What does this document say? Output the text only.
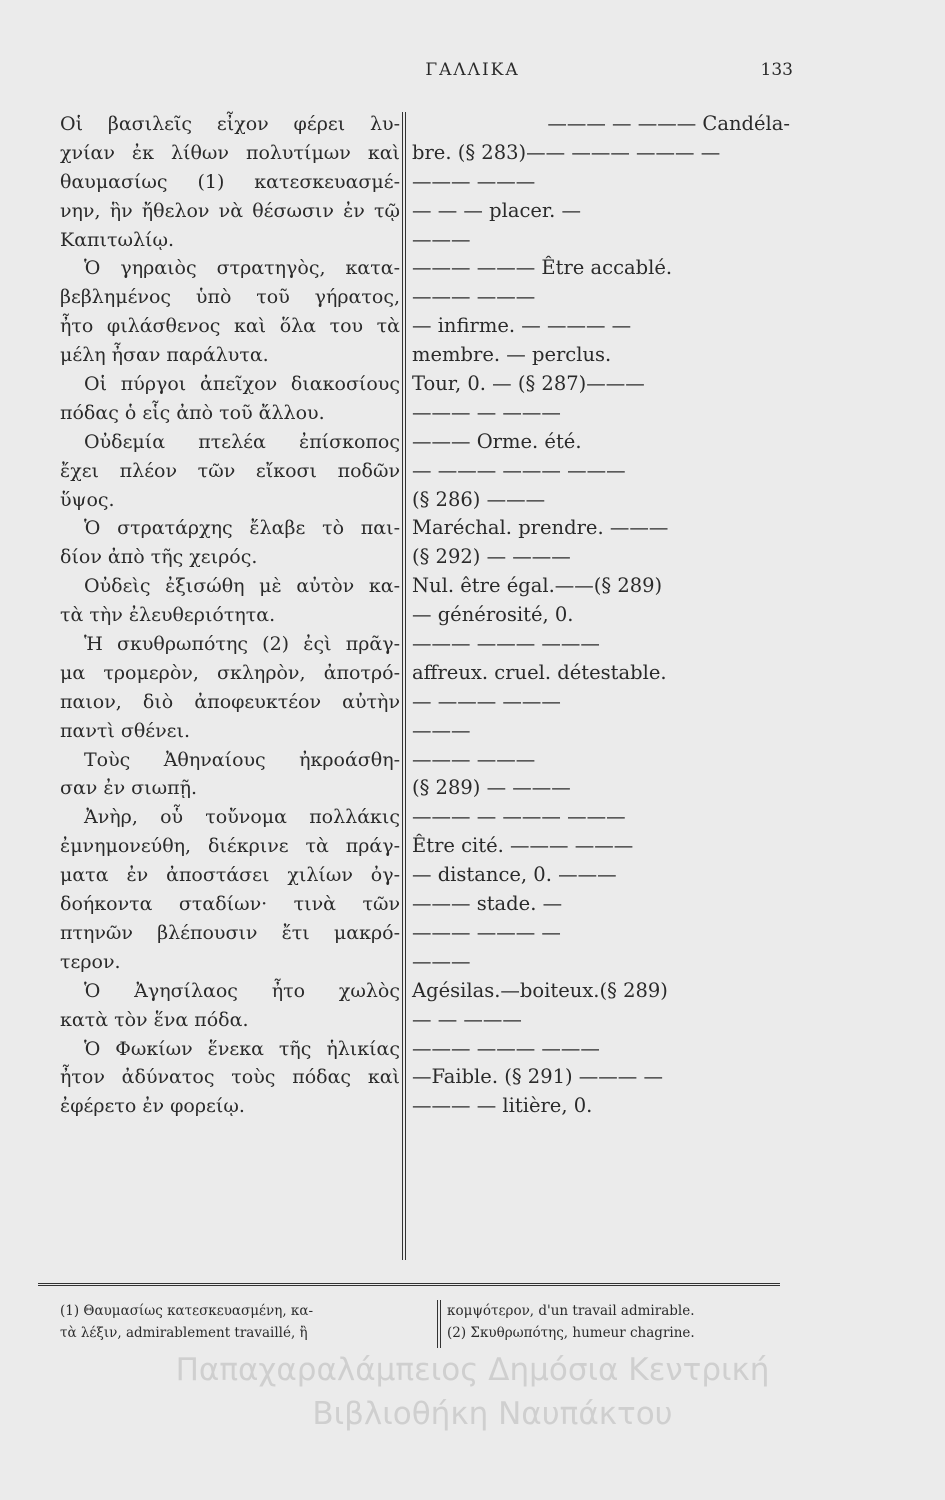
ΓΑΛΛΙΚΑ	133
Οἱ βασιλεῖς εἶχον φέρει λυ-
χνίαν ἐκ λίθων πολυτίμων καὶ
θαυμασίως (1) κατεσκευασμέ-
νην, ἣν ἤθελον νὰ θέσωσιν ἐν τῷ
Καπιτωλίῳ.
Ὁ γηραιὸς στρατηγὸς, κατα-
βεβλημένος ὑπὸ τοῦ γήρατος,
ἦτο φιλάσθενος καὶ ὅλα του τὰ
μέλη ἦσαν παράλυτα.
Οἱ πύργοι ἀπεῖχον διακοσίους
πόδας ὁ εἷς ἀπὸ τοῦ ἄλλου.
Οὐδεμία πτελέα ἐπίσκοπος
ἔχει πλέον τῶν εἴκοσι ποδῶν
ὕψος.
Ὁ στρατάρχης ἔλαβε τὸ παι-
δίον ἀπὸ τῆς χειρός.
Οὐδεὶς ἐξισώθη μὲ αὐτὸν κα-
τὰ τὴν ἐλευθεριότητα.
Ἡ σκυθρωπότης (2) ἐςὶ πρᾶγ-
μα τρομερὸν, σκληρὸν, ἀποτρό-
παιον, διὸ ἀποφευκτέον αὐτὴν
παντὶ σθένει.
Τοὺς Ἀθηναίους ἠκροάσθη-
σαν ἐν σιωπῇ.
Ἀνὴρ, οὗ τοὔνομα πολλάκις
ἐμνημονεύθη, διέκρινε τὰ πράγ-
ματα ἐν ἀποστάσει χιλίων ὀγ-
δοήκοντα σταδίων· τινὰ τῶν
πτηνῶν βλέπουσιν ἔτι μακρό-
τερον.
Ὁ Ἀγησίλαος ἦτο χωλὸς
κατὰ τὸν ἕνα πόδα.
Ὁ Φωκίων ἕνεκα τῆς ἡλικίας
ἦτον ἀδύνατος τοὺς πόδας καὶ
ἐφέρετο ἐν φορείῳ.
——— — ——— Candéla-
bre. (§ 283)—— ——— ——— —
——— ———
— — — placer. —
———
——— ——— Être accablé.
——— ———
— infirme. — ——— —
membre. — perclus.
Tour, 0. — (§ 287)———
——— — ———
——— Orme. été.
— ——— ——— ———
(§ 286) ———
Maréchal. prendre. ———
(§ 292) — ———
Nul. être égal.——(§ 289)
— générosité, 0.
——— ——— ———
affreux. cruel. détestable.
— ——— ———
———
——— ———
(§ 289) — ———
——— — ——— ———
Être cité. ——— ———
— distance, 0. ———
——— stade. —
——— ——— —
———
Agésilas.—boiteux.(§ 289)
— — ———
——— ——— ———
—Faible. (§ 291) ——— —
——— — litière, 0.
(1) Θαυμασίως κατεσκευασμένη, κα-
τὰ λέξιν, admirablement travaillé, ἢ
κομψότερον, d'un travail admirable.
(2) Σκυθρωπότης, humeur chagrine.
Παπαχαραλάμπειος Δημόσια Κεντρική
Βιβλιοθήκη Ναυπάκτου
